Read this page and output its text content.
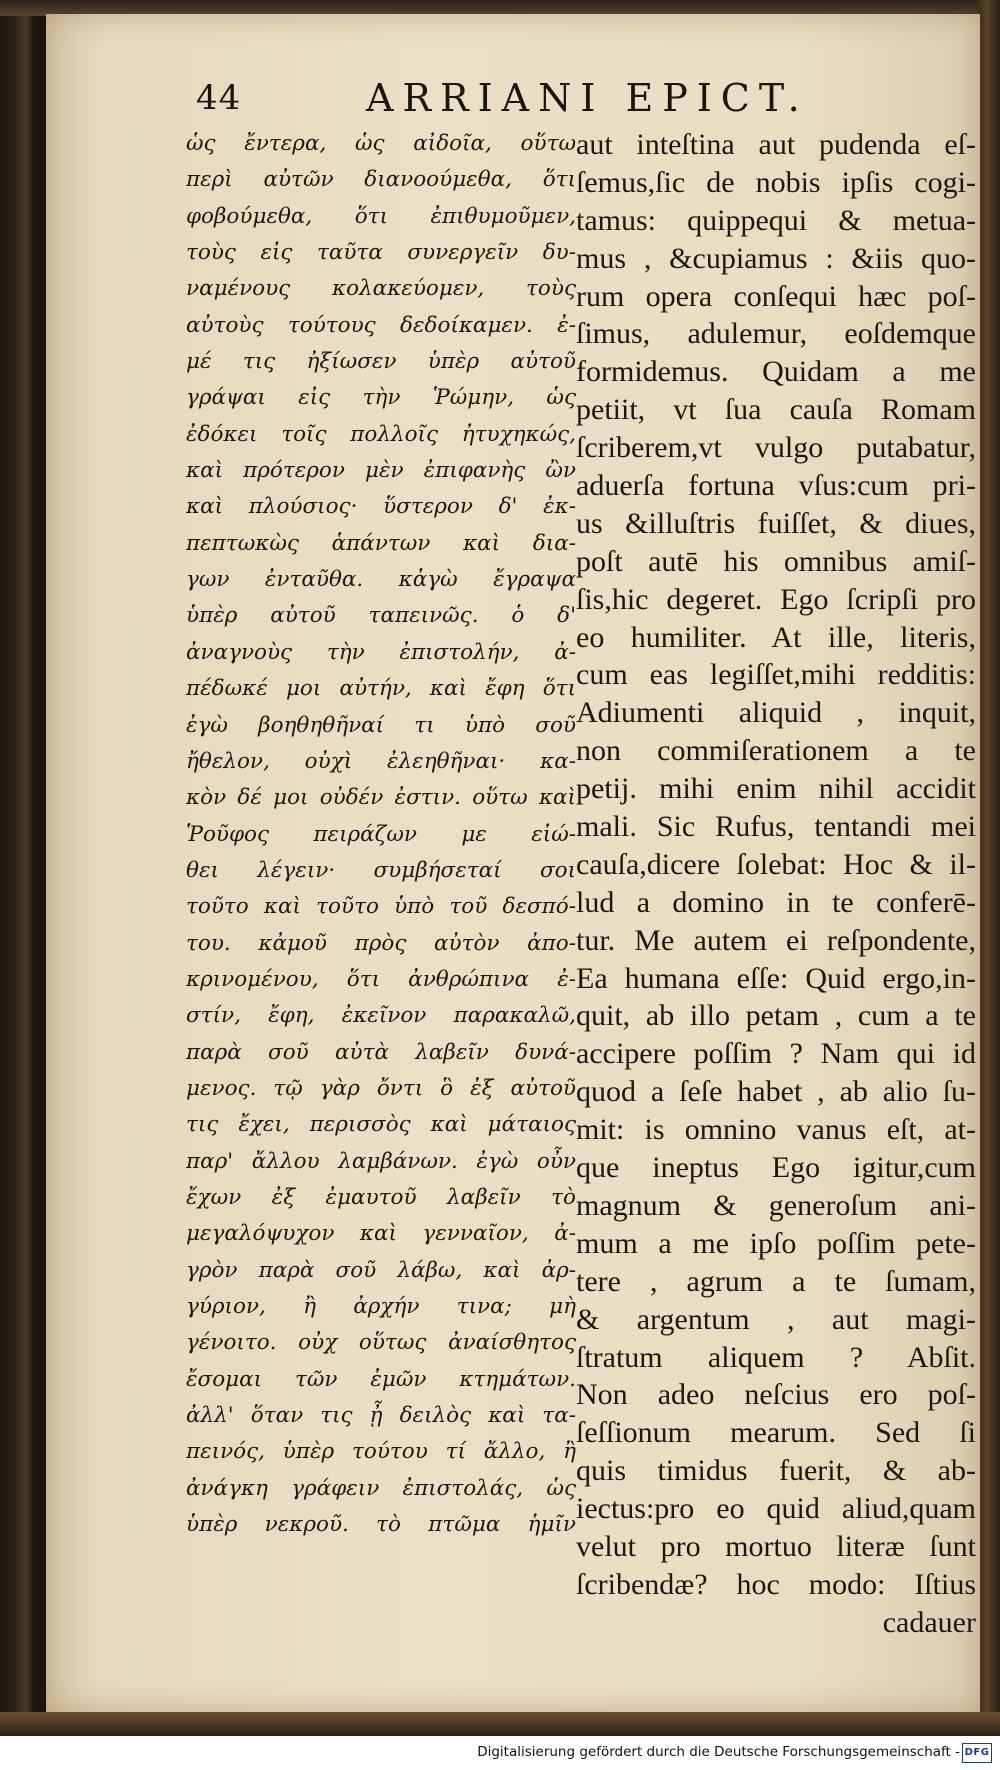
44	ARRIANI EPICT.
ὡς ἔντερα, ὡς αἰδοῖα, οὕτω
περὶ αὐτῶν διανοούμεθα, ὅτι
φοβούμεθα, ὅτι ἐπιθυμοῦμεν,
τοὺς εἰς ταῦτα συνεργεῖν δυ-
ναμένους κολακεύομεν, τοὺς
αὐτοὺς τούτους δεδοίκαμεν. ἐ-
μέ τις ἠξίωσεν ὑπὲρ αὐτοῦ
γράψαι εἰς τὴν Ῥώμην, ὡς
ἐδόκει τοῖς πολλοῖς ἠτυχηκώς,
καὶ πρότερον μὲν ἐπιφανὴς ὢν
καὶ πλούσιος· ὕστερον δ' ἐκ-
πεπτωκὼς ἁπάντων καὶ δια-
γων ἐνταῦθα. κἀγὼ ἔγραψα
ὑπὲρ αὐτοῦ ταπεινῶς. ὁ δ'
ἀναγνοὺς τὴν ἐπιστολήν, ἀ-
πέδωκέ μοι αὐτήν, καὶ ἔφη ὅτι
ἐγὼ βοηθηθῆναί τι ὑπὸ σοῦ
ἤθελον, οὐχὶ ἐλεηθῆναι· κα-
κὸν δέ μοι οὐδέν ἐστιν. οὕτω καὶ
Ῥοῦφος πειράζων με εἰώ-
θει λέγειν· συμβήσεταί σοι
τοῦτο καὶ τοῦτο ὑπὸ τοῦ δεσπό-
του. κἀμοῦ πρὸς αὐτὸν ἀπο-
κρινομένου, ὅτι ἀνθρώπινα ἐ-
στίν, ἔφη, ἐκεῖνον παρακαλῶ,
παρὰ σοῦ αὐτὰ λαβεῖν δυνά-
μενος. τῷ γὰρ ὄντι ὃ ἐξ αὐτοῦ
τις ἔχει, περισσὸς καὶ μάταιος
παρ' ἄλλου λαμβάνων. ἐγὼ οὖν
ἔχων ἐξ ἐμαυτοῦ λαβεῖν τὸ
μεγαλόψυχον καὶ γενναῖον, ἀ-
γρὸν παρὰ σοῦ λάβω, καὶ ἀρ-
γύριον, ἢ ἀρχήν τινα; μὴ
γένοιτο. οὐχ οὕτως ἀναίσθητος
ἔσομαι τῶν ἐμῶν κτημάτων.
ἀλλ' ὅταν τις ᾖ δειλὸς καὶ τα-
πεινός, ὑπὲρ τούτου τί ἄλλο, ἢ
ἀνάγκη γράφειν ἐπιστολάς, ὡς
ὑπὲρ νεκροῦ. τὸ πτῶμα ἡμῖν
aut inteſtina aut pudenda eſ-
ſemus,ſic de nobis ipſis cogi-
tamus: quippequi & metua-
mus , &cupiamus : &iis quo-
rum opera conſequi hæc poſ-
ſimus, adulemur, eoſdemque
formidemus. Quidam a me
petiit, vt ſua cauſa Romam
ſcriberem,vt vulgo putabatur,
aduerſa fortuna vſus:cum pri-
us &illuſtris fuiſſet, & diues,
poſt autē his omnibus amiſ-
ſis,hic degeret. Ego ſcripſi pro
eo humiliter. At ille, literis,
cum eas legiſſet,mihi redditis:
Adiumenti aliquid , inquit,
non commiſerationem a te
petij. mihi enim nihil accidit
mali. Sic Rufus, tentandi mei
cauſa,dicere ſolebat: Hoc & il-
lud a domino in te conferē-
tur. Me autem ei reſpondente,
Ea humana eſſe: Quid ergo,in-
quit, ab illo petam , cum a te
accipere poſſim ? Nam qui id
quod a ſeſe habet , ab alio ſu-
mit: is omnino vanus eſt, at-
que ineptus Ego igitur,cum
magnum & generoſum ani-
mum a me ipſo poſſim pete-
tere , agrum a te ſumam,
& argentum , aut magi-
ſtratum aliquem ? Abſit.
Non adeo neſcius ero poſ-
ſeſſionum mearum. Sed ſi
quis timidus fuerit, & ab-
iectus:pro eo quid aliud,quam
velut pro mortuo literæ ſunt
ſcribendæ? hoc modo: Iſtius
cadauer
Digitalisierung gefördert durch die Deutsche Forschungsgemeinschaft - DFG
